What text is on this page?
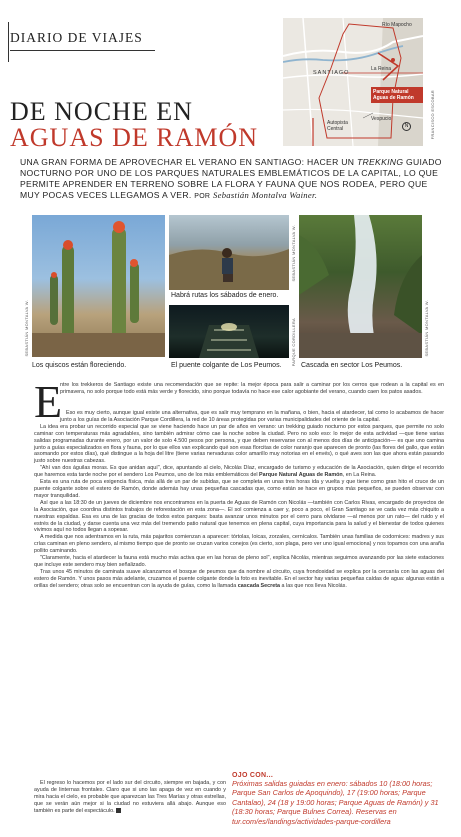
DIARIO DE VIAJES
Río Mapocho
SANTIAGO
La Reina
Parque Natural Aguas de Ramón
Autopista Central
Vespucio
N	FRANCISCO ESCOBAR
DE NOCHE EN
AGUAS DE RAMÓN
UNA GRAN FORMA DE APROVECHAR EL VERANO EN SANTIAGO: HACER UN TREKKING GUIADO NOCTURNO POR UNO DE LOS PARQUES NATURALES EMBLEMÁTICOS DE LA CAPITAL, LO QUE PERMITE APRENDER EN TERRENO SOBRE LA FLORA Y FAUNA QUE NOS RODEA, PERO QUE MUY POCAS VECES LLEGAMOS A VER. POR Sebastián Montalva Wainer.
SEBASTIÁN MONTALVA W.
Los quiscos están floreciendo.
SEBASTIÁN MONTALVA W.
Habrá rutas los sábados de enero.
PARQUE CORDILLERA
El puente colgante de Los Peumos.
SEBASTIÁN MONTALVA W.
Cascada en sector Los Peumos.
E

ntre los trekkeros de Santiago existe una recomendación que se repite: la mejor época para salir a caminar por los cerros que rodean a la capital es en primavera, no solo porque todo está más verde y florecido, sino porque todavía no hace ese calor agobiante del verano, cuando caen los patos asados.

Eso es muy cierto, aunque igual existe una alternativa, que es salir muy temprano en la mañana, o bien, hacia el atardecer, tal como lo acabamos de hacer junto a los guías de la Asociación Parque Cordillera, la red de 10 áreas protegidas por varias municipalidades del oriente de la capital.

La idea era probar un recorrido especial que se viene haciendo hace un par de años en verano: un trekking guiado nocturno por estos parques, que permite no solo caminar con temperaturas más agradables, sino también admirar cómo cae la noche sobre la ciudad. Pero no solo eso: lo mejor de esta actividad —que tiene varias salidas programadas durante enero, por un valor de solo 4.500 pesos por persona, y que deben reservarse con al menos dos días de anticipación— es que uno camina junto a guías especializados en flora y fauna, por lo que ellos van explicando qué son esas florcitas de color naranjo que aparecen de pronto (las flores del gallo, que están asomando por estos días), qué distingue a la hoja del litre (tiene varias nervaduras color amarillo muy notorias en el envés), o qué aves son las que ahora están pasando justo sobre nuestras cabezas.

"Ahí van dos águilas moras. Es que anidan aquí", dice, apuntando al cielo, Nicolás Díaz, encargado de turismo y educación de la Asociación, quien dirige el recorrido que haremos esta tarde noche por el sendero Los Peumos, uno de los más emblemáticos del Parque Natural Aguas de Ramón, en La Reina.

Esta es una ruta de poca exigencia física, más allá de un par de subidas, que se completa en unas tres horas ida y vuelta y que tiene como gran hito el cruce de un puente colgante sobre el estero de Ramón, donde además hay unas pequeñas cascadas que, como están se hace en grupos más pequeños, se pueden observar con mayor tranquilidad.

Así que a las 18:30 de un jueves de diciembre nos encontramos en la puerta de Aguas de Ramón con Nicolás —también con Carlos Rivas, encargado de proyectos de la Asociación, que coordina distintos trabajos de reforestación en esta zona—. El sol comienza a caer y, poco a poco, el Gran Santiago se ve cada vez más chiquito a nuestras espaldas. Esa es una de las gracias de todos estos parques: basta avanzar unos minutos por el cerro para olvidarse —al menos por un rato— del ruido y el estrés de la ciudad, y darse cuenta una vez más del tremendo patio natural que tenemos en plena capital, cuya importancia para la salud y el bienestar de todos quienes vivimos aquí no todos llegan a sopesar.

A medida que nos adentramos en la ruta, más pajaritos comienzan a aparecer: tórtolas, loicas, zorzales, cernícalos. También unas familias de codornices: madres y sus crías caminan en pleno sendero, al mismo tiempo que de pronto se cruzan varios conejos (es cierto, son plaga, pero ver uno igual emociona) y nos topamos con una araña pollito caminando.

"Claramente, hacia el atardecer la fauna está mucho más activa que en las horas de pleno sol", explica Nicolás, mientras seguimos avanzando por las siete estaciones que incluye este sendero muy bien señalizado.

Tras unos 45 minutos de caminata suave alcanzamos el bosque de peumos que da nombre al circuito, cuya frondosidad se explica por la cercanía con las aguas del estero de Ramón. Y unos pasos más adelante, cruzamos el puente colgante donde la foto es inevitable. En el sector hay varias pequeñas caídas de agua: algunas están a orillas del sendero; otras solo se encuentran con la ayuda de guías, como la llamada cascada Secreta a las que nos lleva Nicolás.

El regreso lo hacemos por el lado sur del circuito, siempre en bajada, y con ayuda de linternas frontales. Claro que si uno las apaga de vez en cuando y mira hacia el cielo, es probable que aparezcan las Tres Marías y otras estrellas, que se verán aún mejor si la ciudad no estuviera allá abajo. Aunque eso también es parte del espectáculo.

OJO CON...
Próximas salidas guiadas en enero: sábados 10 (18:00 horas; Parque San Carlos de Apoquindo), 17 (19:00 horas; Parque Cantalao), 24 (18 y 19:00 horas; Parque Aguas de Ramón) y 31 (18:30 horas; Parque Bulnes Correa). Reservas en tur.com/es/landings/actividades-parque-cordillera
